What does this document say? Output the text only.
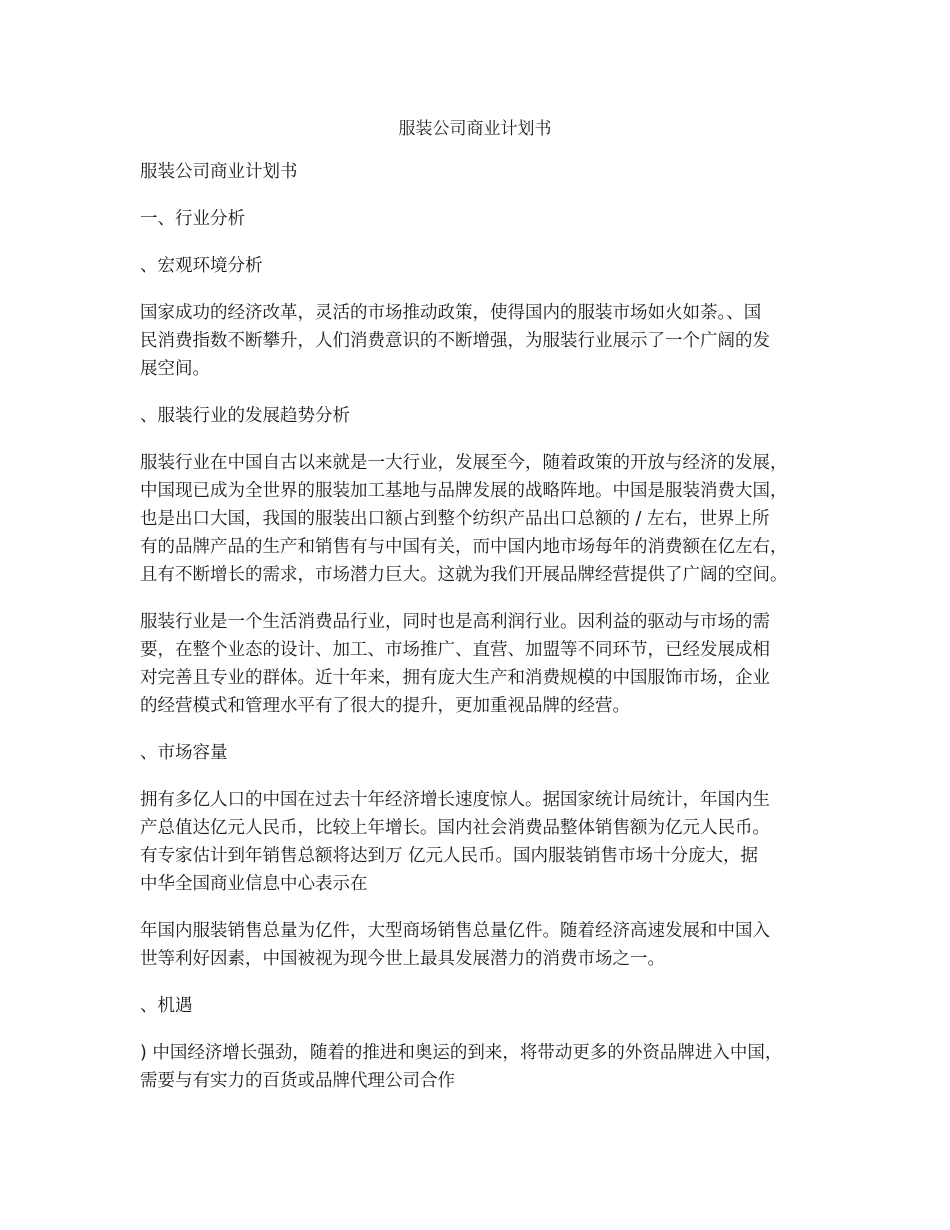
服装公司商业计划书

服装公司商业计划书

一、行业分析

、宏观环境分析

国家成功的经济改革，灵活的市场推动政策，使得国内的服装市场如火如荼。、国
民消费指数不断攀升，人们消费意识的不断增强，为服装行业展示了一个广阔的发
展空间。

、服装行业的发展趋势分析

服装行业在中国自古以来就是一大行业，发展至今，随着政策的开放与经济的发展，
中国现已成为全世界的服装加工基地与品牌发展的战略阵地。中国是服装消费大国，
也是出口大国，我国的服装出口额占到整个纺织产品出口总额的 / 左右，世界上所
有的品牌产品的生产和销售有与中国有关，而中国内地市场每年的消费额在亿左右，
且有不断增长的需求，市场潜力巨大。这就为我们开展品牌经营提供了广阔的空间。

服装行业是一个生活消费品行业，同时也是高利润行业。因利益的驱动与市场的需
要，在整个业态的设计、加工、市场推广、直营、加盟等不同环节，已经发展成相
对完善且专业的群体。近十年来，拥有庞大生产和消费规模的中国服饰市场，企业
的经营模式和管理水平有了很大的提升，更加重视品牌的经营。

、市场容量

拥有多亿人口的中国在过去十年经济增长速度惊人。据国家统计局统计，年国内生
产总值达亿元人民币，比较上年增长。国内社会消费品整体销售额为亿元人民币。
有专家估计到年销售总额将达到万 亿元人民币。国内服装销售市场十分庞大，据
中华全国商业信息中心表示在

年国内服装销售总量为亿件，大型商场销售总量亿件。随着经济高速发展和中国入
世等利好因素，中国被视为现今世上最具发展潜力的消费市场之一。

、机遇

) 中国经济增长强劲，随着的推进和奥运的到来，将带动更多的外资品牌进入中国，
需要与有实力的百货或品牌代理公司合作
